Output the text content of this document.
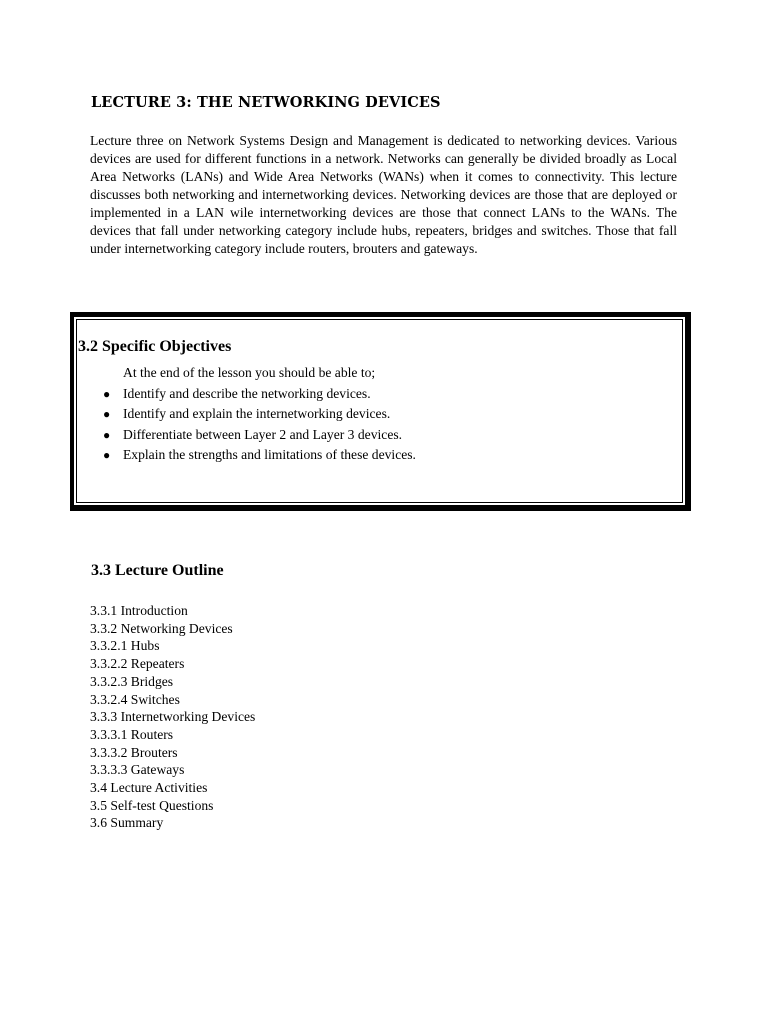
LECTURE 3: THE NETWORKING DEVICES

Lecture three on Network Systems Design and Management is dedicated to networking devices. Various devices are used for different functions in a network. Networks can generally be divided broadly as Local Area Networks (LANs) and Wide Area Networks (WANs) when it comes to connectivity. This lecture discusses both networking and internetworking devices. Networking devices are those that are deployed or implemented in a LAN wile internetworking devices are those that connect LANs to the WANs. The devices that fall under networking category include hubs, repeaters, bridges and switches. Those that fall under internetworking category include routers, brouters and gateways.

3.2 Specific Objectives
At the end of the lesson you should be able to;
● Identify and describe the networking devices.
● Identify and explain the internetworking devices.
● Differentiate between Layer 2 and Layer 3 devices.
● Explain the strengths and limitations of these devices.
3.3 Lecture Outline
3.3.1 Introduction
3.3.2 Networking Devices
3.3.2.1 Hubs
3.3.2.2 Repeaters
3.3.2.3 Bridges
3.3.2.4 Switches
3.3.3 Internetworking Devices
3.3.3.1 Routers
3.3.3.2 Brouters
3.3.3.3 Gateways
3.4 Lecture Activities
3.5 Self-test Questions
3.6 Summary
